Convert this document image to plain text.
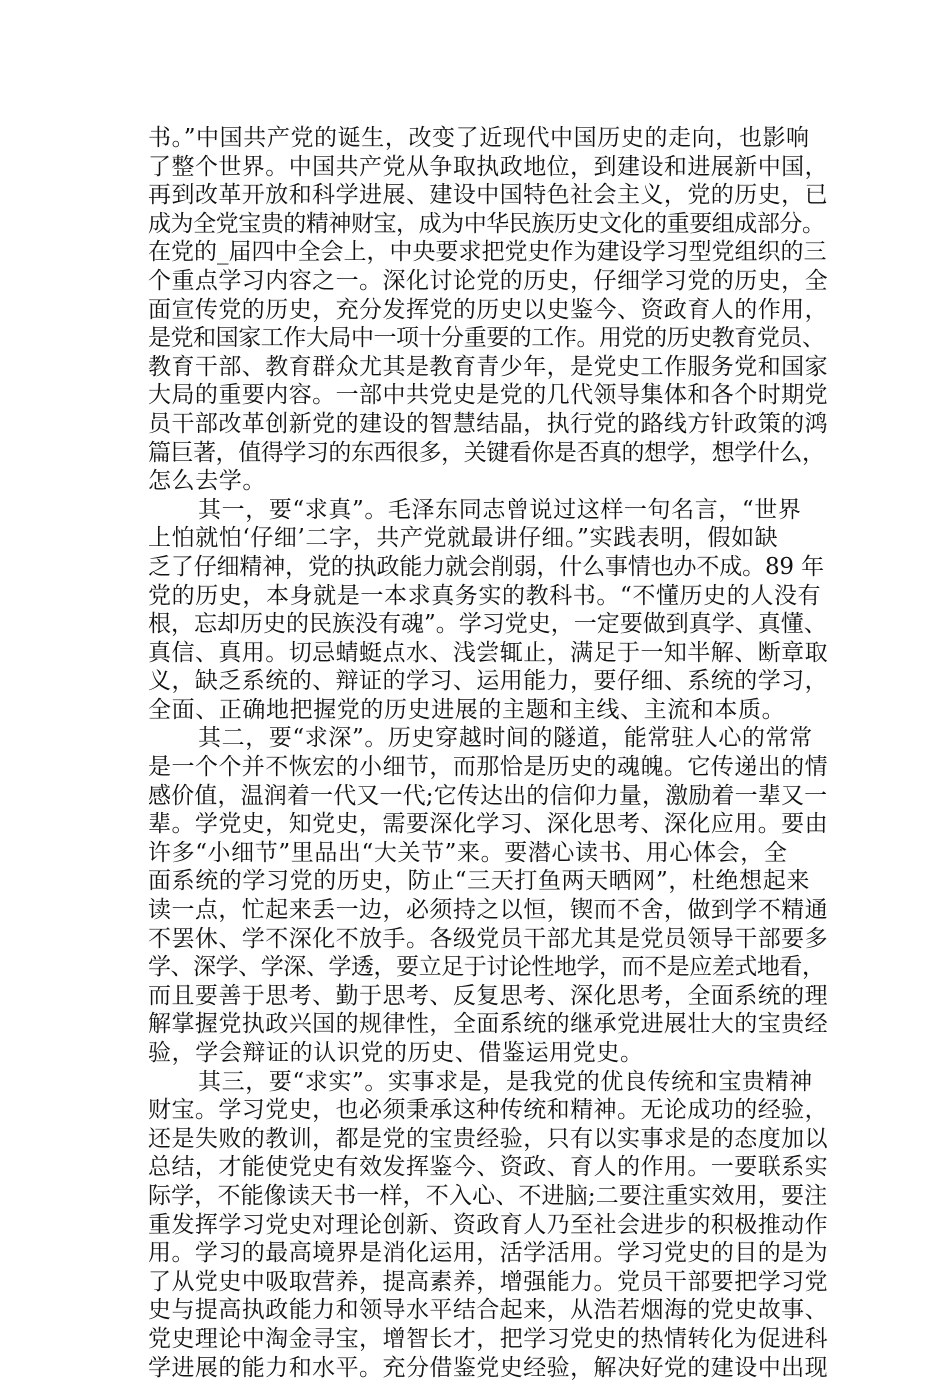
书。”中国共产党的诞生，改变了近现代中国历史的走向，也影响
了整个世界。中国共产党从争取执政地位，到建设和进展新中国，
再到改革开放和科学进展、建设中国特色社会主义，党的历史，已
成为全党宝贵的精神财宝，成为中华民族历史文化的重要组成部分。
在党的_届四中全会上，中央要求把党史作为建设学习型党组织的三
个重点学习内容之一。深化讨论党的历史，仔细学习党的历史，全
面宣传党的历史，充分发挥党的历史以史鉴今、资政育人的作用，
是党和国家工作大局中一项十分重要的工作。用党的历史教育党员、
教育干部、教育群众尤其是教育青少年，是党史工作服务党和国家
大局的重要内容。一部中共党史是党的几代领导集体和各个时期党
员干部改革创新党的建设的智慧结晶，执行党的路线方针政策的鸿
篇巨著，值得学习的东西很多，关键看你是否真的想学，想学什么，
怎么去学。
其一，要“求真”。毛泽东同志曾说过这样一句名言，“世界
上怕就怕‘仔细’二字，共产党就最讲仔细。”实践表明，假如缺
乏了仔细精神，党的执政能力就会削弱，什么事情也办不成。89 年
党的历史，本身就是一本求真务实的教科书。“不懂历史的人没有
根，忘却历史的民族没有魂”。学习党史，一定要做到真学、真懂、
真信、真用。切忌蜻蜓点水、浅尝辄止，满足于一知半解、断章取
义，缺乏系统的、辩证的学习、运用能力，要仔细、系统的学习，
全面、正确地把握党的历史进展的主题和主线、主流和本质。
其二，要“求深”。历史穿越时间的隧道，能常驻人心的常常
是一个个并不恢宏的小细节，而那恰是历史的魂魄。它传递出的情
感价值，温润着一代又一代;它传达出的信仰力量，激励着一辈又一
辈。学党史，知党史，需要深化学习、深化思考、深化应用。要由
许多“小细节”里品出“大关节”来。要潜心读书、用心体会，全
面系统的学习党的历史，防止“三天打鱼两天晒网”，杜绝想起来
读一点，忙起来丢一边，必须持之以恒，锲而不舍，做到学不精通
不罢休、学不深化不放手。各级党员干部尤其是党员领导干部要多
学、深学、学深、学透，要立足于讨论性地学，而不是应差式地看，
而且要善于思考、勤于思考、反复思考、深化思考，全面系统的理
解掌握党执政兴国的规律性，全面系统的继承党进展壮大的宝贵经
验，学会辩证的认识党的历史、借鉴运用党史。
其三，要“求实”。实事求是，是我党的优良传统和宝贵精神
财宝。学习党史，也必须秉承这种传统和精神。无论成功的经验，
还是失败的教训，都是党的宝贵经验，只有以实事求是的态度加以
总结，才能使党史有效发挥鉴今、资政、育人的作用。一要联系实
际学，不能像读天书一样，不入心、不进脑;二要注重实效用，要注
重发挥学习党史对理论创新、资政育人乃至社会进步的积极推动作
用。学习的最高境界是消化运用，活学活用。学习党史的目的是为
了从党史中吸取营养，提高素养，增强能力。党员干部要把学习党
史与提高执政能力和领导水平结合起来，从浩若烟海的党史故事、
党史理论中淘金寻宝，增智长才，把学习党史的热情转化为促进科
学进展的能力和水平。充分借鉴党史经验，解决好党的建设中出现
